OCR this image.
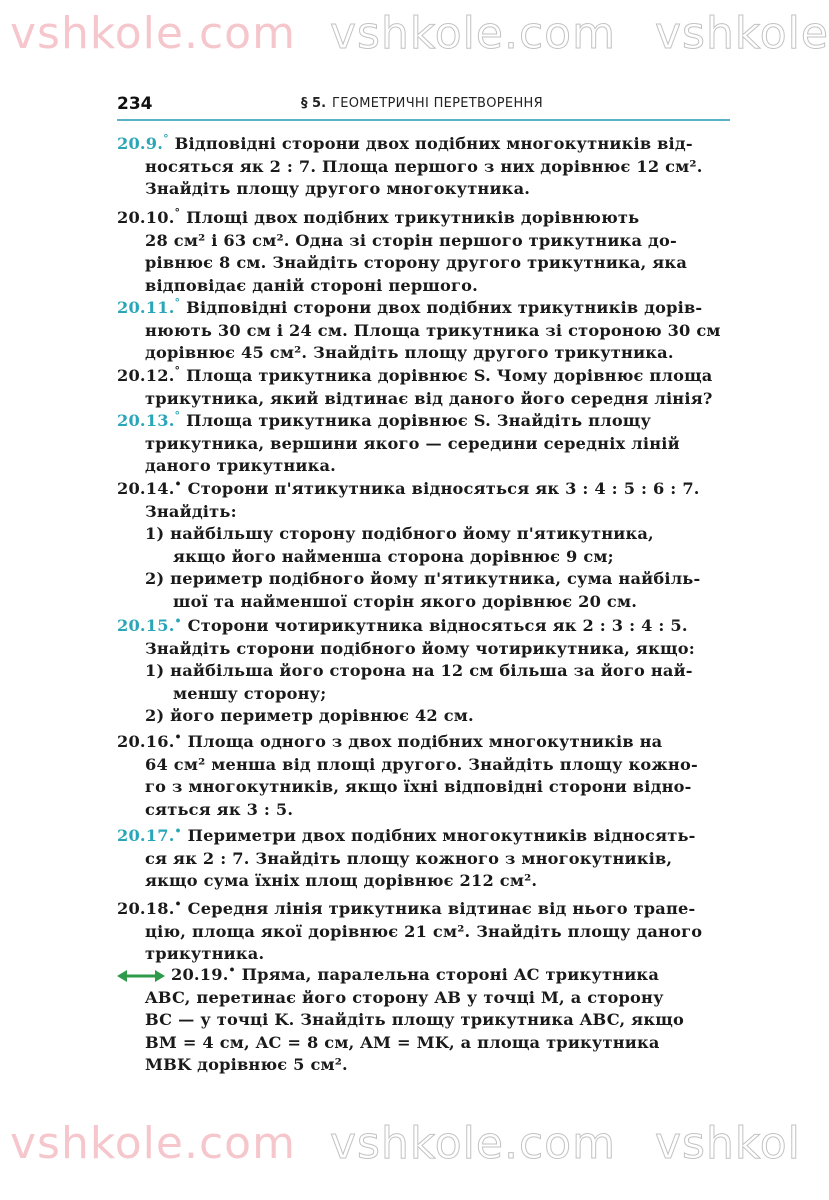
234	§ 5. ГЕОМЕТРИЧНІ ПЕРЕТВОРЕННЯ
20.9.° Відповідні сторони двох подібних многокутників від-
носяться як 2 : 7. Площа першого з них дорівнює 12 см².
Знайдіть площу другого многокутника.
20.10.° Площі двох подібних трикутників дорівнюють
28 см² і 63 см². Одна зі сторін першого трикутника до-
рівнює 8 см. Знайдіть сторону другого трикутника, яка
відповідає даній стороні першого.
20.11.° Відповідні сторони двох подібних трикутників дорів-
нюють 30 см і 24 см. Площа трикутника зі стороною 30 см
дорівнює 45 см². Знайдіть площу другого трикутника.
20.12.° Площа трикутника дорівнює S. Чому дорівнює площа
трикутника, який відтинає від даного його середня лінія?
20.13.° Площа трикутника дорівнює S. Знайдіть площу
трикутника, вершини якого — середини середніх ліній
даного трикутника.
20.14.• Сторони п'ятикутника відносяться як 3 : 4 : 5 : 6 : 7.
Знайдіть:
1) найбільшу сторону подібного йому п'ятикутника,
якщо його найменша сторона дорівнює 9 см;
2) периметр подібного йому п'ятикутника, сума найбіль-
шої та найменшої сторін якого дорівнює 20 см.
20.15.• Сторони чотирикутника відносяться як 2 : 3 : 4 : 5.
Знайдіть сторони подібного йому чотирикутника, якщо:
1) найбільша його сторона на 12 см більша за його най-
меншу сторону;
2) його периметр дорівнює 42 см.
20.16.• Площа одного з двох подібних многокутників на
64 см² менша від площі другого. Знайдіть площу кожно-
го з многокутників, якщо їхні відповідні сторони відно-
сяться як 3 : 5.
20.17.• Периметри двох подібних многокутників відносять-
ся як 2 : 7. Знайдіть площу кожного з многокутників,
якщо сума їхніх площ дорівнює 212 см².
20.18.• Середня лінія трикутника відтинає від нього трапе-
цію, площа якої дорівнює 21 см². Знайдіть площу даного
трикутника.
20.19.• Пряма, паралельна стороні AC трикутника
ABC, перетинає його сторону AB у точці M, а сторону
BC — у точці K. Знайдіть площу трикутника ABC, якщо
BM = 4 см, AC = 8 см, AM = MK, а площа трикутника
MBK дорівнює 5 см².
vshkole.com vshkole.com vshkole
vshkole.com vshkole.com vshkol
